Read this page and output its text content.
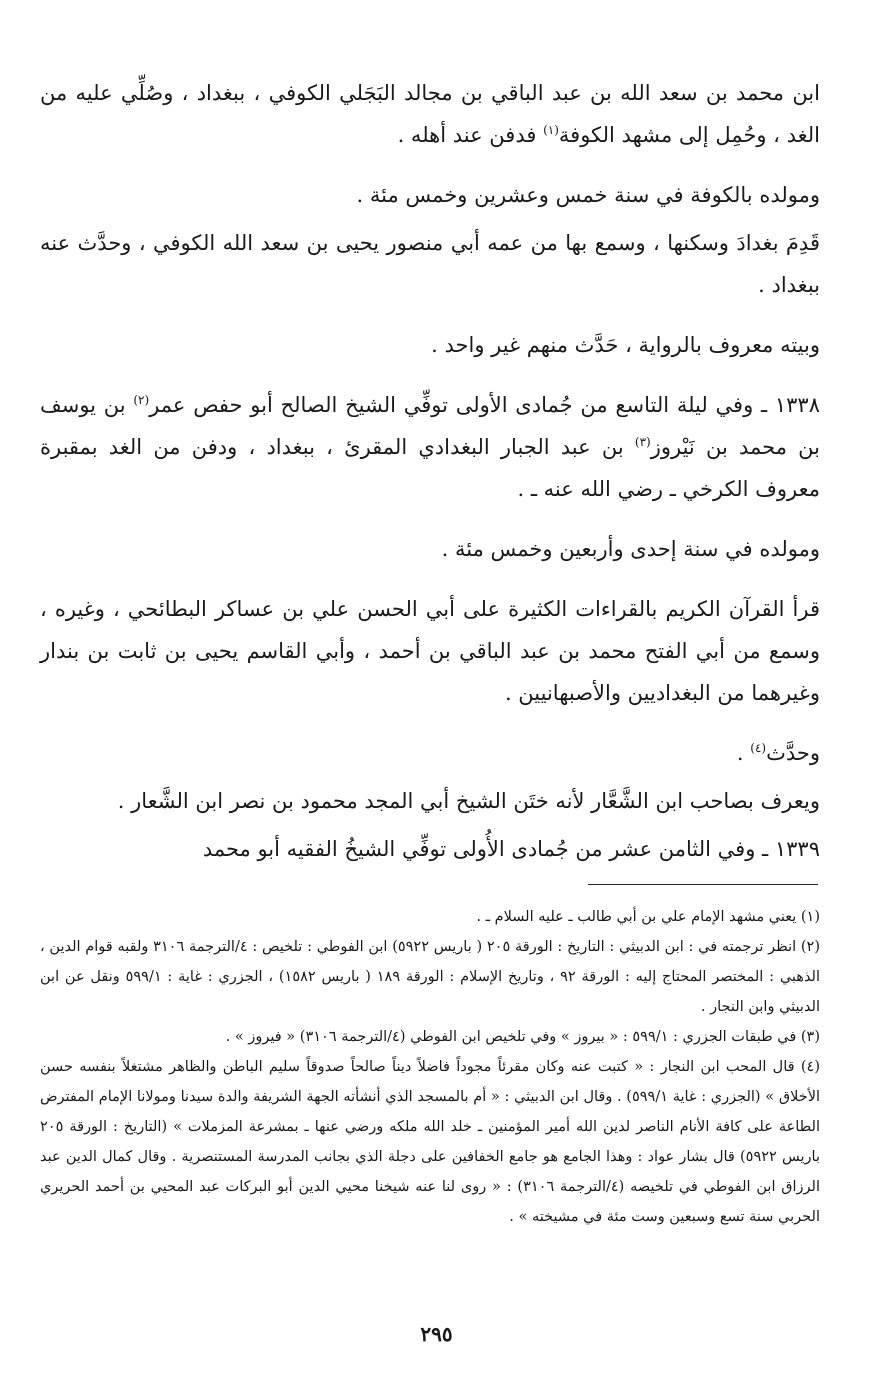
ابن محمد بن سعد الله بن عبد الباقي بن مجالد البَجَلي الكوفي ، ببغداد ، وصُلِّي عليه من الغد ، وحُمِل إلى مشهد الكوفة$^{(١)}$ فدفن عند أهله .

ومولده بالكوفة في سنة خمس وعشرين وخمس مئة .

قَدِمَ بغدادَ وسكنها ، وسمع بها من عمه أبي منصور يحيى بن سعد الله الكوفي ، وحدَّث عنه ببغداد .

وبيته معروف بالرواية ، حَدَّث منهم غير واحد .

١٣٣٨ ـ وفي ليلة التاسع من جُمادى الأولى توفِّي الشيخ الصالح أبو حفص عمر$^{(٢)}$ بن يوسف بن محمد بن نَيْروز$^{(٣)}$ بن عبد الجبار البغدادي المقرئ ، ببغداد ، ودفن من الغد بمقبرة معروف الكرخي ـ رضي الله عنه ـ .

ومولده في سنة إحدى وأربعين وخمس مئة .

قرأ القرآن الكريم بالقراءات الكثيرة على أبي الحسن علي بن عساكر البطائحي ، وغيره ، وسمع من أبي الفتح محمد بن عبد الباقي بن أحمد ، وأبي القاسم يحيى بن ثابت بن بندار وغيرهما من البغداديين والأصبهانيين .

وحدَّث$^{(٤)}$ .

ويعرف بصاحب ابن الشَّعَّار لأنه ختَن الشيخ أبي المجد محمود بن نصر ابن الشَّعار .

١٣٣٩ ـ وفي الثامن عشر من جُمادى الأُولى توفِّي الشيخُ الفقيه أبو محمد

(١) يعني مشهد الإمام علي بن أبي طالب ـ عليه السلام ـ .

(٢) انظر ترجمته في : ابن الدبيثي : التاريخ : الورقة ٢٠٥ ( باريس ٥٩٢٢) ابن الفوطي : تلخيص : ٤/الترجمة ٣١٠٦ ولقبه قوام الدين ، الذهبي : المختصر المحتاج إليه : الورقة ٩٢ ، وتاريخ الإسلام : الورقة ١٨٩ ( باريس ١٥٨٢) ، الجزري : غاية : ٥٩٩/١ ونقل عن ابن الدبيثي وابن النجار .

(٣) في طبقات الجزري : ٥٩٩/١ : « بيروز » وفي تلخيص ابن الفوطي (٤/الترجمة ٣١٠٦) « فيروز » .

(٤) قال المحب ابن النجار : « كتبت عنه وكان مقرئاً مجوداً فاضلاً ديناً صالحاً صدوقاً سليم الباطن والظاهر مشتغلاً بنفسه حسن الأخلاق » (الجزري : غاية ٥٩٩/١) . وقال ابن الدبيثي : « أم بالمسجد الذي أنشأته الجهة الشريفة والدة سيدنا ومولانا الإمام المفترض الطاعة على كافة الأنام الناصر لدين الله أمير المؤمنين ـ خلد الله ملكه ورضي عنها ـ بمشرعة المزملات » (التاريخ : الورقة ٢٠٥ باريس ٥٩٢٢) قال بشار عواد : وهذا الجامع هو جامع الخفافين على دجلة الذي بجانب المدرسة المستنصرية . وقال كمال الدين عبد الرزاق ابن الفوطي في تلخيصه (٤/الترجمة ٣١٠٦) : « روى لنا عنه شيخنا محيي الدين أبو البركات عبد المحيي بن أحمد الحريري الحربي سنة تسع وسبعين وست مئة في مشيخته » .

٢٩٥
